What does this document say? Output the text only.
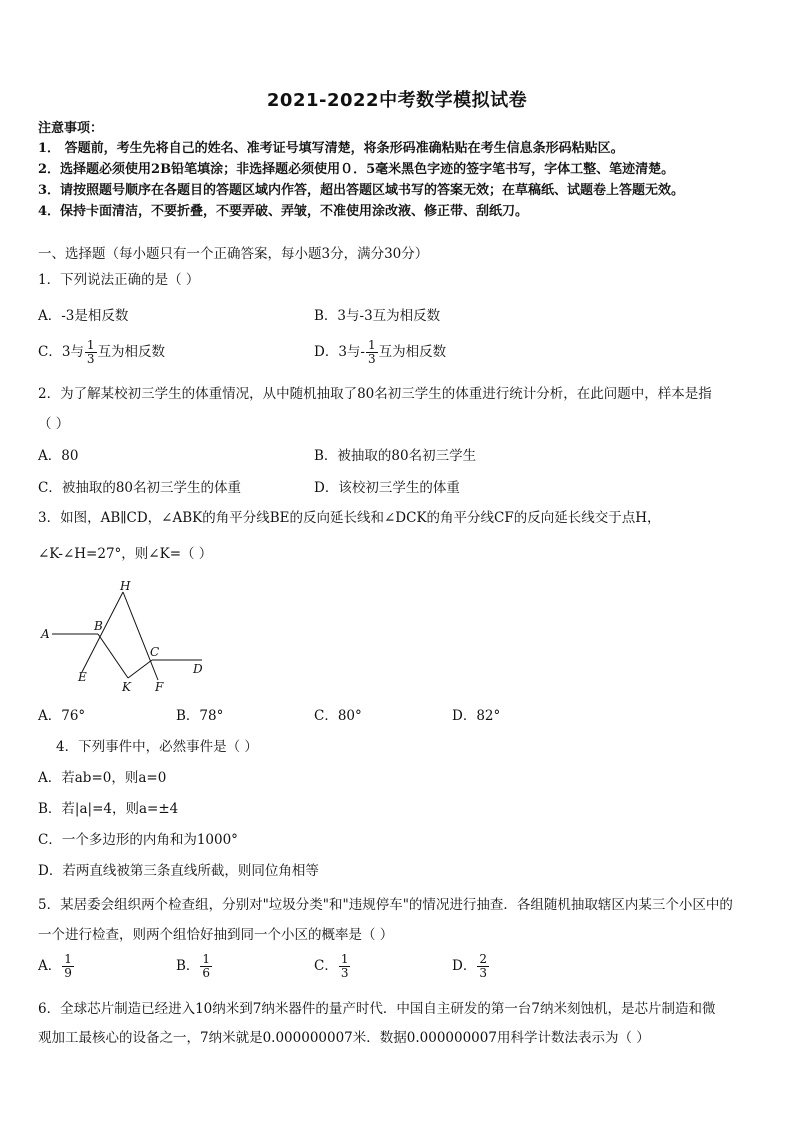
2021-2022中考数学模拟试卷
注意事项：
1． 答题前，考生先将自己的姓名、准考证号填写清楚，将条形码准确粘贴在考生信息条形码粘贴区。
2．选择题必须使用2B铅笔填涂；非选择题必须使用０．5毫米黑色字迹的签字笔书写，字体工整、笔迹清楚。
3．请按照题号顺序在各题目的答题区域内作答，超出答题区域书写的答案无效；在草稿纸、试题卷上答题无效。
4．保持卡面清洁，不要折叠，不要弄破、弄皱，不准使用涂改液、修正带、刮纸刀。
一、选择题（每小题只有一个正确答案，每小题3分，满分30分）
1．下列说法正确的是（ ）
A．-3是相反数	B．3与-3互为相反数
C．3与 $\frac{1}{3}$ 互为相反数	D．3与- $\frac{1}{3}$ 互为相反数
2．为了解某校初三学生的体重情况，从中随机抽取了80名初三学生的体重进行统计分析，在此问题中，样本是指
（ ）
A．80	B．被抽取的80名初三学生
C．被抽取的80名初三学生的体重	D．该校初三学生的体重
3．如图，AB∥CD，∠ABK的角平分线BE的反向延长线和∠DCK的角平分线CF的反向延长线交于点H，
∠K-∠H=27°，则∠K=（ ）
H
A
B
C
D
E
K F
A．76°	B．78°	C．80°	D．82°
4．下列事件中，必然事件是（ ）
A．若ab=0，则a=0
B．若|a|=4，则a=±4
C．一个多边形的内角和为1000°
D．若两直线被第三条直线所截，则同位角相等
5．某居委会组织两个检查组，分别对"垃圾分类"和"违规停车"的情况进行抽查．各组随机抽取辖区内某三个小区中的
一个进行检查，则两个组恰好抽到同一个小区的概率是（ ）
A． $\frac{1}{9}$	B． $\frac{1}{6}$	C． $\frac{1}{3}$	D． $\frac{2}{3}$
6．全球芯片制造已经进入10纳米到7纳米器件的量产时代．中国自主研发的第一台7纳米刻蚀机，是芯片制造和微
观加工最核心的设备之一，7纳米就是0.000000007米．数据0.000000007用科学计数法表示为（ ）
